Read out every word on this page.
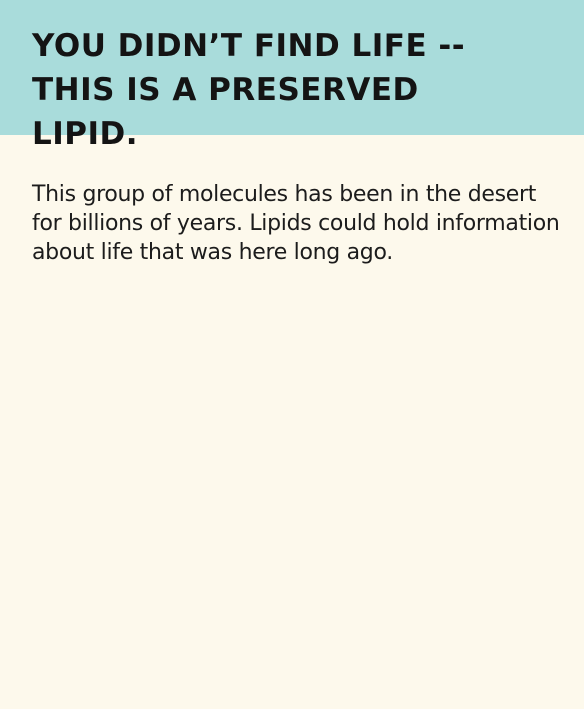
YOU DIDN’T FIND LIFE -- THIS IS A PRESERVED LIPID.

This group of molecules has been in the desert for billions of years. Lipids could hold information about life that was here long ago.
